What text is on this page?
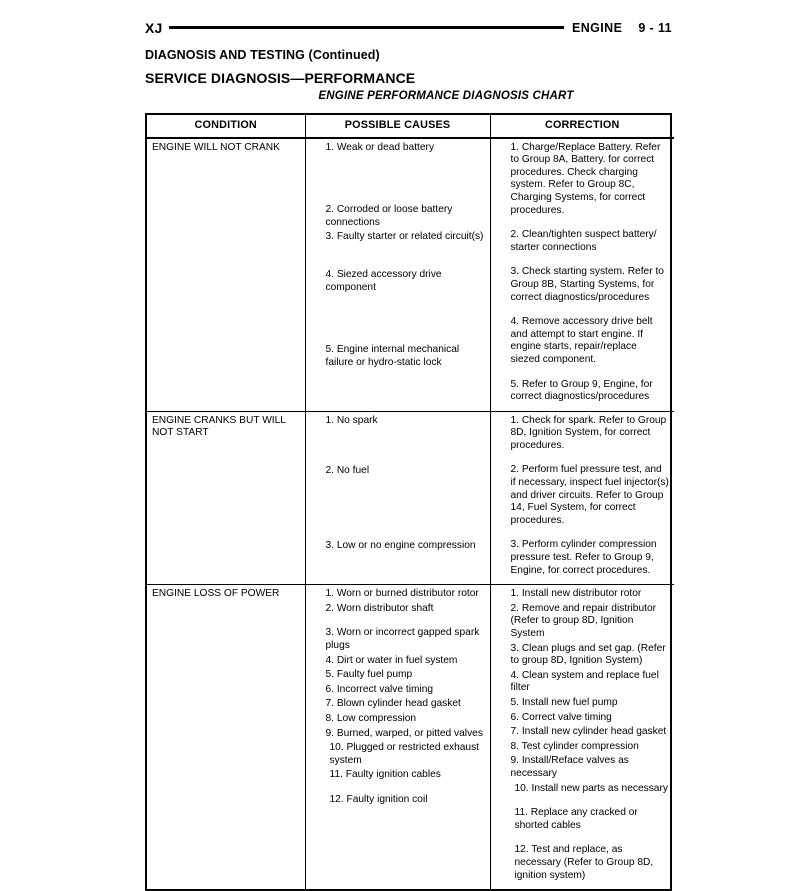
XJ	ENGINE	9 - 11
DIAGNOSIS AND TESTING (Continued)
SERVICE DIAGNOSIS—PERFORMANCE
ENGINE PERFORMANCE DIAGNOSIS CHART
CONDITION	POSSIBLE CAUSES	CORRECTION

ENGINE WILL NOT CRANK	1. Weak or dead battery
2. Corroded or loose battery connections
3. Faulty starter or related circuit(s)
4. Siezed accessory drive component
5. Engine internal mechanical failure or hydro-static lock

1. Charge/Replace Battery. Refer to Group 8A, Battery. for correct procedures. Check charging system. Refer to Group 8C, Charging Systems, for correct procedures.
2. Clean/tighten suspect battery/ starter connections
3. Check starting system. Refer to Group 8B, Starting Systems, for correct diagnostics/procedures
4. Remove accessory drive belt and attempt to start engine. If engine starts, repair/replace siezed component.
5. Refer to Group 9, Engine, for correct diagnostics/procedures

ENGINE CRANKS BUT WILL NOT START

1. No spark
2. No fuel
3. Low or no engine compression

1. Check for spark. Refer to Group 8D, Ignition System, for correct procedures.
2. Perform fuel pressure test, and if necessary, inspect fuel injector(s) and driver circuits. Refer to Group 14, Fuel System, for correct procedures.
3. Perform cylinder compression pressure test. Refer to Group 9, Engine, for correct procedures.

ENGINE LOSS OF POWER	1. Worn or burned distributor rotor
2. Worn distributor shaft
3. Worn or incorrect gapped spark plugs
4. Dirt or water in fuel system
5. Faulty fuel pump
6. Incorrect valve timing
7. Blown cylinder head gasket
8. Low compression
9. Burned, warped, or pitted valves
10. Plugged or restricted exhaust system
11. Faulty ignition cables
12. Faulty ignition coil

1. Install new distributor rotor
2. Remove and repair distributor (Refer to group 8D, Ignition System
3. Clean plugs and set gap. (Refer to group 8D, Ignition System)
4. Clean system and replace fuel filter
5. Install new fuel pump
6. Correct valve timing
7. Install new cylinder head gasket
8. Test cylinder compression
9. Install/Reface valves as necessary
10. Install new parts as necessary
11. Replace any cracked or shorted cables
12. Test and replace, as necessary (Refer to Group 8D, ignition system)
